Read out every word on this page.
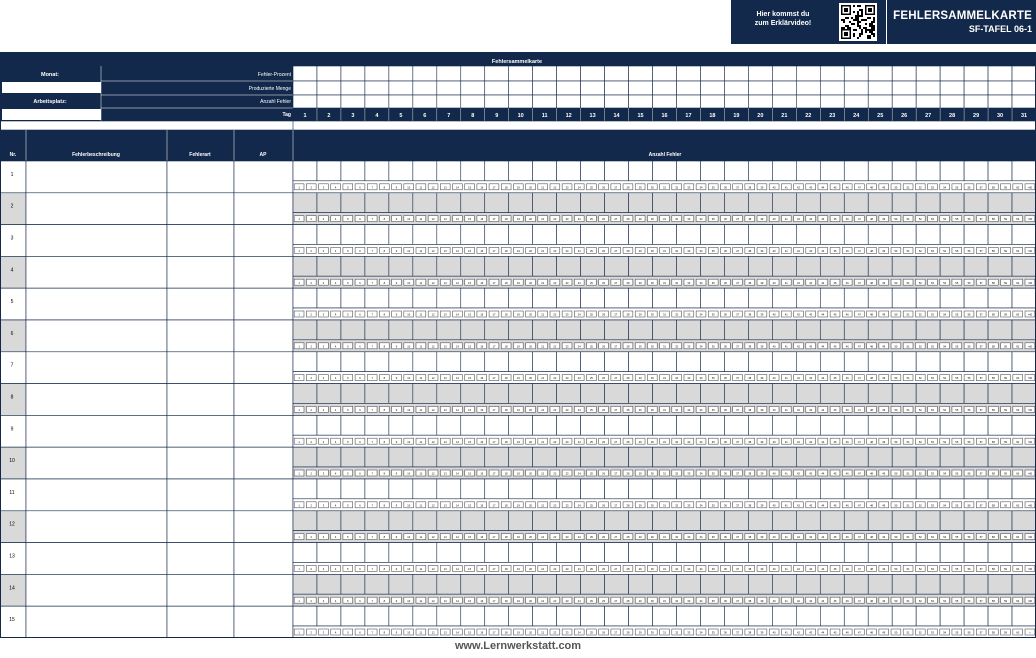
Hier kommst du
zum Erklärvideo!
FEHLERSAMMELKARTE
SF-TAFEL 06-1
Fehlersammelkarte
Monat:
Arbeitsplatz:
Fehler-Prozent
Produzierte Menge
Anzahl Fehler
Tag 1	2	3	4	5	6	7	8	9	10	11	12	13	14	15	16	17	18	19	20	21	22	23	24	25	26	27	28	29	30	31
Nr.	Fehlerbeschreibung	Fehlerart	AP	Anzahl Fehler
1
1	2	3	4	5	6	7	8	9	10	11	12	13	14	15	16	17	18	19	20	21	22	23	24	25	26	27	28	29	30	31	32	33	34	35	36	37	38	39	40	41	42	43	44	45	46	47	48	49	50	51	52	53	54	55	56	57	58	59	60	>60
2
1	2	3	4	5	6	7	8	9	10	11	12	13	14	15	16	17	18	19	20	21	22	23	24	25	26	27	28	29	30	31	32	33	34	35	36	37	38	39	40	41	42	43	44	45	46	47	48	49	50	51	52	53	54	55	56	57	58	59	60	>60
3
1	2	3	4	5	6	7	8	9	10	11	12	13	14	15	16	17	18	19	20	21	22	23	24	25	26	27	28	29	30	31	32	33	34	35	36	37	38	39	40	41	42	43	44	45	46	47	48	49	50	51	52	53	54	55	56	57	58	59	60	>60
4
1	2	3	4	5	6	7	8	9	10	11	12	13	14	15	16	17	18	19	20	21	22	23	24	25	26	27	28	29	30	31	32	33	34	35	36	37	38	39	40	41	42	43	44	45	46	47	48	49	50	51	52	53	54	55	56	57	58	59	60	>60
5
1	2	3	4	5	6	7	8	9	10	11	12	13	14	15	16	17	18	19	20	21	22	23	24	25	26	27	28	29	30	31	32	33	34	35	36	37	38	39	40	41	42	43	44	45	46	47	48	49	50	51	52	53	54	55	56	57	58	59	60	>60
6
1	2	3	4	5	6	7	8	9	10	11	12	13	14	15	16	17	18	19	20	21	22	23	24	25	26	27	28	29	30	31	32	33	34	35	36	37	38	39	40	41	42	43	44	45	46	47	48	49	50	51	52	53	54	55	56	57	58	59	60	>60
7
1	2	3	4	5	6	7	8	9	10	11	12	13	14	15	16	17	18	19	20	21	22	23	24	25	26	27	28	29	30	31	32	33	34	35	36	37	38	39	40	41	42	43	44	45	46	47	48	49	50	51	52	53	54	55	56	57	58	59	60	>60
8
1	2	3	4	5	6	7	8	9	10	11	12	13	14	15	16	17	18	19	20	21	22	23	24	25	26	27	28	29	30	31	32	33	34	35	36	37	38	39	40	41	42	43	44	45	46	47	48	49	50	51	52	53	54	55	56	57	58	59	60	>60
9
1	2	3	4	5	6	7	8	9	10	11	12	13	14	15	16	17	18	19	20	21	22	23	24	25	26	27	28	29	30	31	32	33	34	35	36	37	38	39	40	41	42	43	44	45	46	47	48	49	50	51	52	53	54	55	56	57	58	59	60	>60
10
1	2	3	4	5	6	7	8	9	10	11	12	13	14	15	16	17	18	19	20	21	22	23	24	25	26	27	28	29	30	31	32	33	34	35	36	37	38	39	40	41	42	43	44	45	46	47	48	49	50	51	52	53	54	55	56	57	58	59	60	>60
11
1	2	3	4	5	6	7	8	9	10	11	12	13	14	15	16	17	18	19	20	21	22	23	24	25	26	27	28	29	30	31	32	33	34	35	36	37	38	39	40	41	42	43	44	45	46	47	48	49	50	51	52	53	54	55	56	57	58	59	60	>60
12
1	2	3	4	5	6	7	8	9	10	11	12	13	14	15	16	17	18	19	20	21	22	23	24	25	26	27	28	29	30	31	32	33	34	35	36	37	38	39	40	41	42	43	44	45	46	47	48	49	50	51	52	53	54	55	56	57	58	59	60	>60
13
1	2	3	4	5	6	7	8	9	10	11	12	13	14	15	16	17	18	19	20	21	22	23	24	25	26	27	28	29	30	31	32	33	34	35	36	37	38	39	40	41	42	43	44	45	46	47	48	49	50	51	52	53	54	55	56	57	58	59	60	>60
14
1	2	3	4	5	6	7	8	9	10	11	12	13	14	15	16	17	18	19	20	21	22	23	24	25	26	27	28	29	30	31	32	33	34	35	36	37	38	39	40	41	42	43	44	45	46	47	48	49	50	51	52	53	54	55	56	57	58	59	60	>60
15
1	2	3	4	5	6	7	8	9	10	11	12	13	14	15	16	17	18	19	20	21	22	23	24	25	26	27	28	29	30	31	32	33	34	35	36	37	38	39	40	41	42	43	44	45	46	47	48	49	50	51	52	53	54	55	56	57	58	59	60	>
www.Lernwerkstatt.com
